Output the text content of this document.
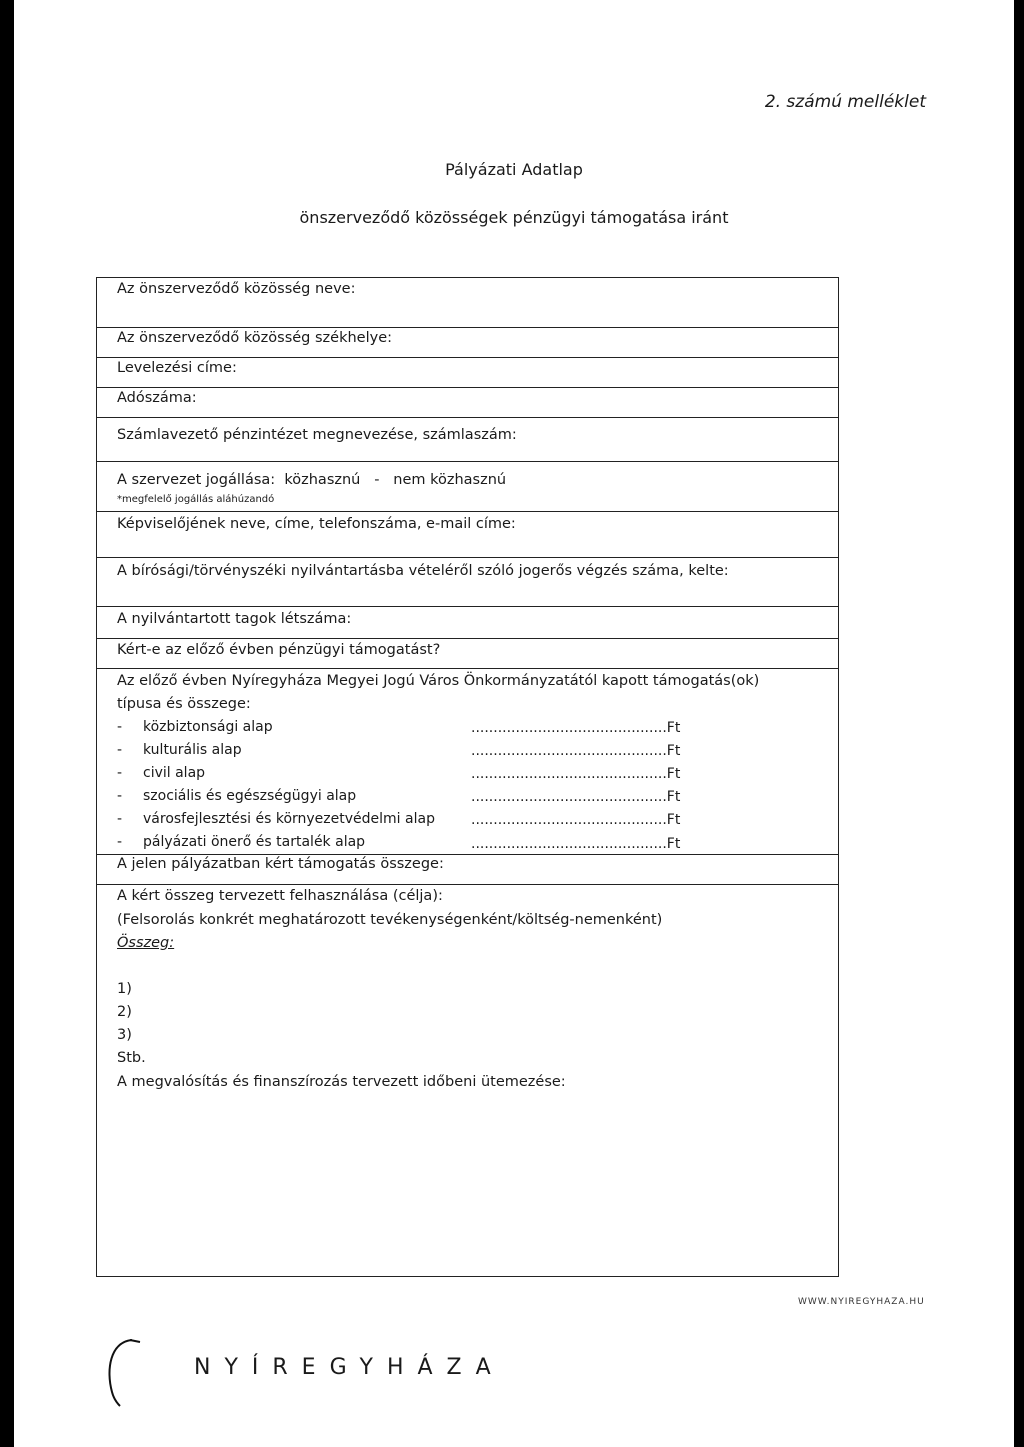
2. számú melléklet
Pályázati Adatlap
önszerveződő közösségek pénzügyi támogatása iránt
Az önszerveződő közösség neve:
Az önszerveződő közösség székhelye:
Levelezési címe:
Adószáma:
Számlavezető pénzintézet megnevezése, számlaszám:
A szervezet jogállása:  közhasznú   -   nem közhasznú
*megfelelő jogállás aláhúzandó
Képviselőjének neve, címe, telefonszáma, e-mail címe:
A bírósági/törvényszéki nyilvántartásba vételéről szóló jogerős végzés száma, kelte:
A nyilvántartott tagok létszáma:
Kért-e az előző évben pénzügyi támogatást?
Az előző évben Nyíregyháza Megyei Jogú Város Önkormányzatától kapott támogatás(ok)
típusa és összege:
- közbiztonsági alap	............................................Ft
- kulturális alap	............................................Ft
- civil alap	............................................Ft
- szociális és egészségügyi alap	............................................Ft
- városfejlesztési és környezetvédelmi alap	............................................Ft
- pályázati önerő és tartalék alap	............................................Ft
A jelen pályázatban kért támogatás összege:
A kért összeg tervezett felhasználása (célja):
(Felsorolás konkrét meghatározott tevékenységenként/költség-nemenként)
Összeg:
1)
2)
3)
Stb.
A megvalósítás és finanszírozás tervezett időbeni ütemezése:
WWW.NYIREGYHAZA.HU
NYÍREGYHÁZA
